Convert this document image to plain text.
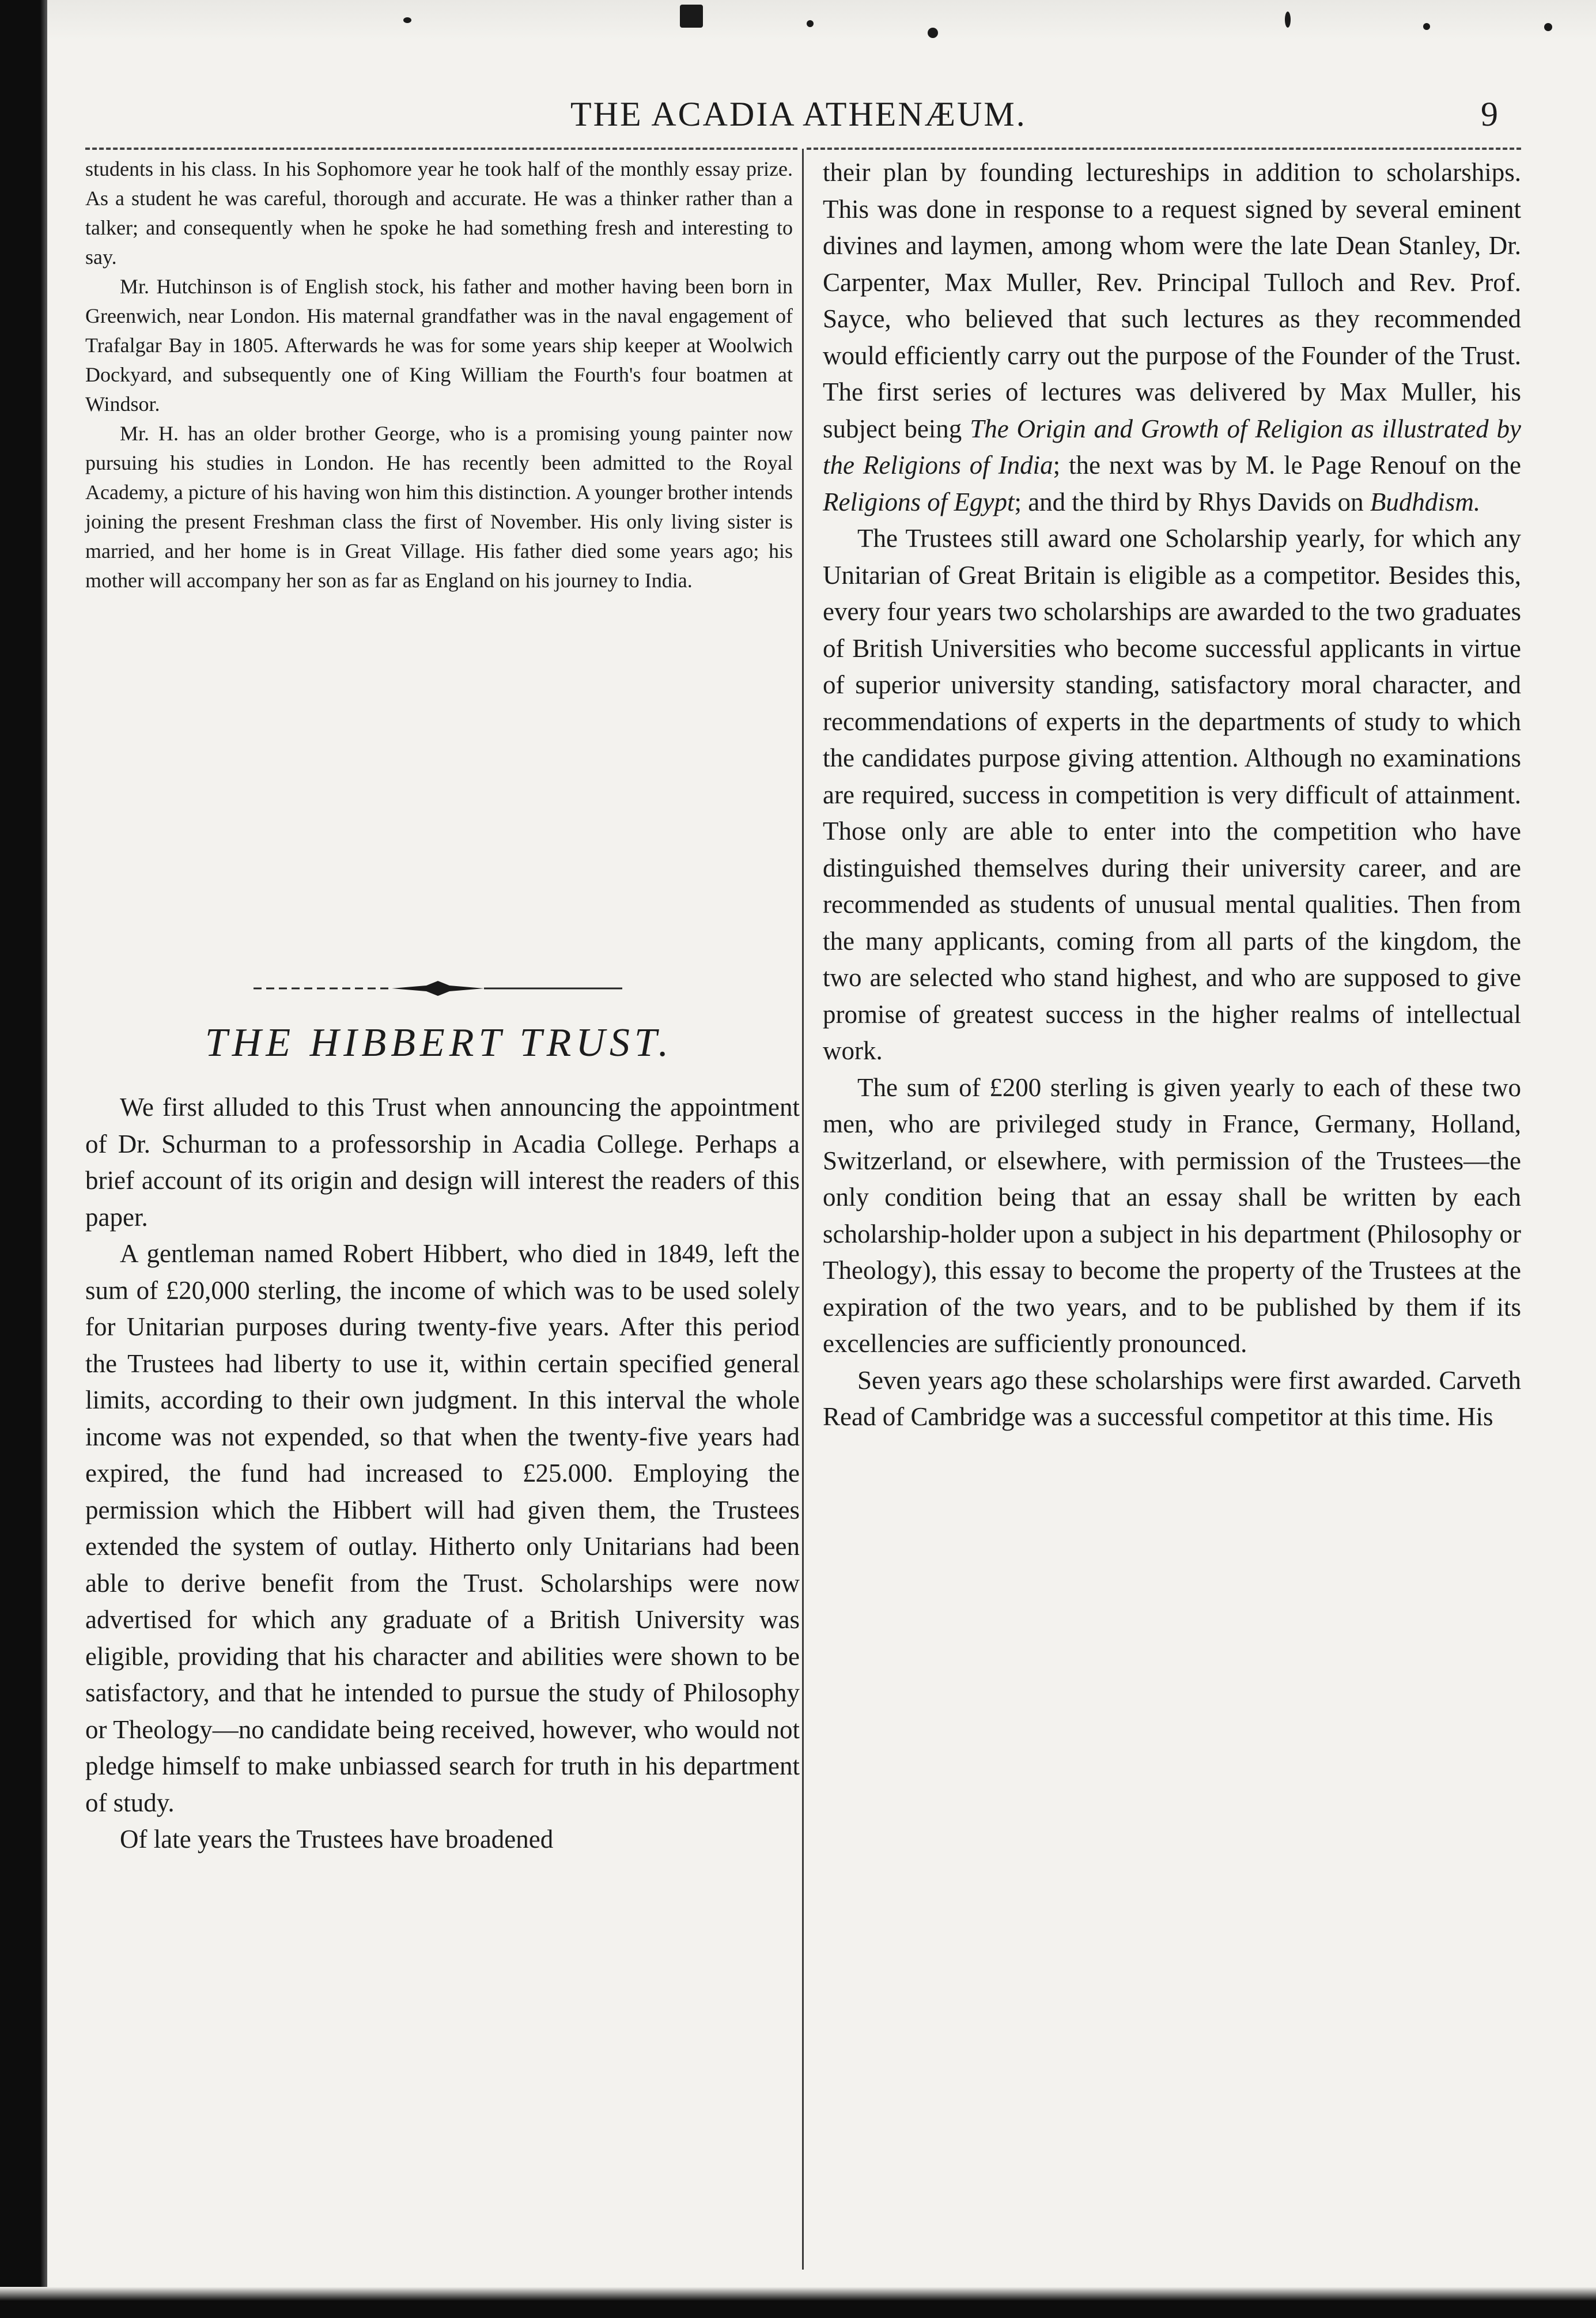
THE ACADIA ATHENÆUM.	9

students in his class. In his Sophomore year he took half of the monthly essay prize. As a student he was careful, thorough and accurate. He was a thinker rather than a talker; and consequently when he spoke he had something fresh and interesting to say.

Mr. Hutchinson is of English stock, his father and mother having been born in Greenwich, near London. His maternal grandfather was in the naval engagement of Trafalgar Bay in 1805. Afterwards he was for some years ship keeper at Woolwich Dockyard, and subsequently one of King William the Fourth's four boatmen at Windsor.

Mr. H. has an older brother George, who is a promising young painter now pursuing his studies in London. He has recently been admitted to the Royal Academy, a picture of his having won him this distinction. A younger brother intends joining the present Freshman class the first of November. His only living sister is married, and her home is in Great Village. His father died some years ago; his mother will accompany her son as far as England on his journey to India.

THE HIBBERT TRUST.

We first alluded to this Trust when announcing the appointment of Dr. Schurman to a professorship in Acadia College. Perhaps a brief account of its origin and design will interest the readers of this paper.

A gentleman named Robert Hibbert, who died in 1849, left the sum of £20,000 sterling, the income of which was to be used solely for Unitarian purposes during twenty-five years. After this period the Trustees had liberty to use it, within certain specified general limits, according to their own judgment. In this interval the whole income was not expended, so that when the twenty-five years had expired, the fund had increased to £25.000. Employing the permission which the Hibbert will had given them, the Trustees extended the system of outlay. Hitherto only Unitarians had been able to derive benefit from the Trust. Scholarships were now advertised for which any graduate of a British University was eligible, providing that his character and abilities were shown to be satisfactory, and that he intended to pursue the study of Philosophy or Theology—no candidate being received, however, who would not pledge himself to make unbiassed search for truth in his department of study.

Of late years the Trustees have broadened

their plan by founding lectureships in addition to scholarships. This was done in response to a request signed by several eminent divines and laymen, among whom were the late Dean Stanley, Dr. Carpenter, Max Muller, Rev. Principal Tulloch and Rev. Prof. Sayce, who believed that such lectures as they recommended would efficiently carry out the purpose of the Founder of the Trust. The first series of lectures was delivered by Max Muller, his subject being The Origin and Growth of Religion as illustrated by the Religions of India; the next was by M. le Page Renouf on the Religions of Egypt; and the third by Rhys Davids on Budhdism.

The Trustees still award one Scholarship yearly, for which any Unitarian of Great Britain is eligible as a competitor. Besides this, every four years two scholarships are awarded to the two graduates of British Universities who become successful applicants in virtue of superior university standing, satisfactory moral character, and recommendations of experts in the departments of study to which the candidates purpose giving attention. Although no examinations are required, success in competition is very difficult of attainment. Those only are able to enter into the competition who have distinguished themselves during their university career, and are recommended as students of unusual mental qualities. Then from the many applicants, coming from all parts of the kingdom, the two are selected who stand highest, and who are supposed to give promise of greatest success in the higher realms of intellectual work.

The sum of £200 sterling is given yearly to each of these two men, who are privileged study in France, Germany, Holland, Switzerland, or elsewhere, with permission of the Trustees—the only condition being that an essay shall be written by each scholarship-holder upon a subject in his department (Philosophy or Theology), this essay to become the property of the Trustees at the expiration of the two years, and to be published by them if its excellencies are sufficiently pronounced.

Seven years ago these scholarships were first awarded. Carveth Read of Cambridge was a successful competitor at this time. His
